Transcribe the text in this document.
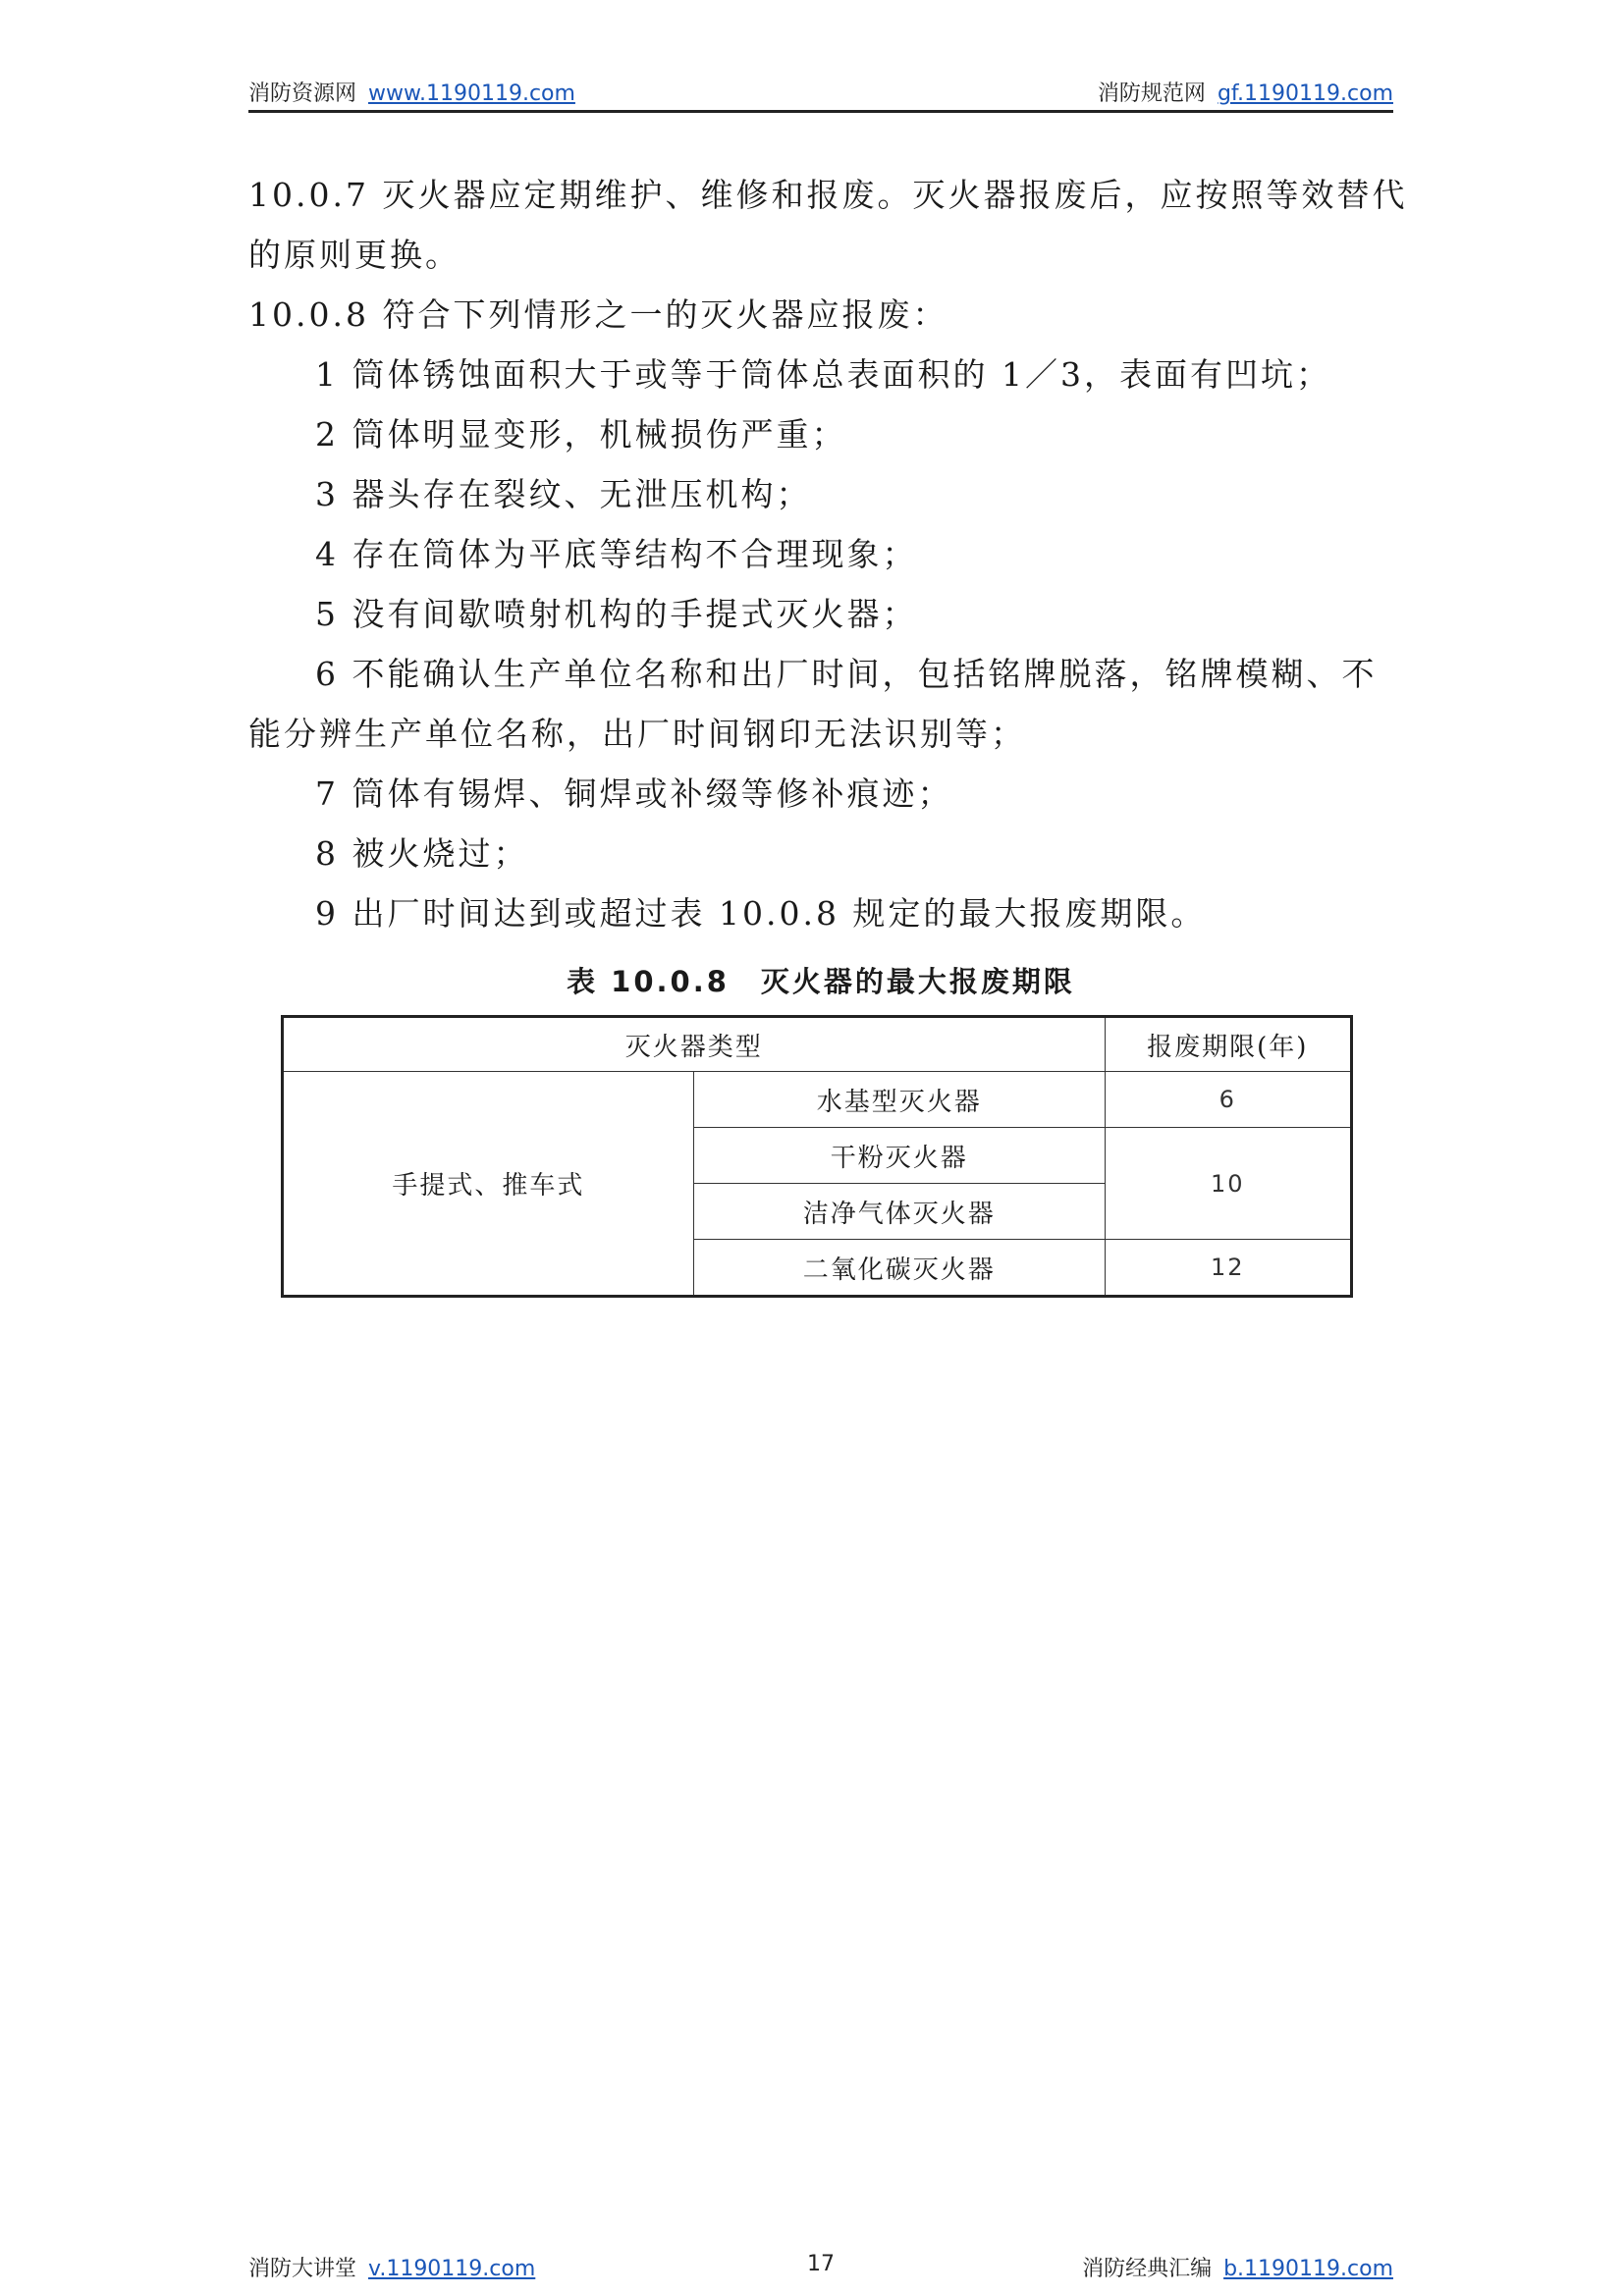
消防资源网 www.1190119.com	消防规范网 gf.1190119.com

10.0.7 灭火器应定期维护、维修和报废。灭火器报废后，应按照等效替代

的原则更换。

10.0.8 符合下列情形之一的灭火器应报废：

1 筒体锈蚀面积大于或等于筒体总表面积的 1／3，表面有凹坑；

2 筒体明显变形，机械损伤严重；

3 器头存在裂纹、无泄压机构；

4 存在筒体为平底等结构不合理现象；

5 没有间歇喷射机构的手提式灭火器；

6 不能确认生产单位名称和出厂时间，包括铭牌脱落，铭牌模糊、不

能分辨生产单位名称，出厂时间钢印无法识别等；

7 筒体有锡焊、铜焊或补缀等修补痕迹；

8 被火烧过；

9 出厂时间达到或超过表 10.0.8 规定的最大报废期限。

表 10.0.8　灭火器的最大报废期限
灭火器类型		报废期限(年)
手提式、推车式	水基型灭火器	6
	干粉灭火器	10
	洁净气体灭火器	
	二氧化碳灭火器	12
消防大讲堂 v.1190119.com	17	消防经典汇编 b.1190119.com
